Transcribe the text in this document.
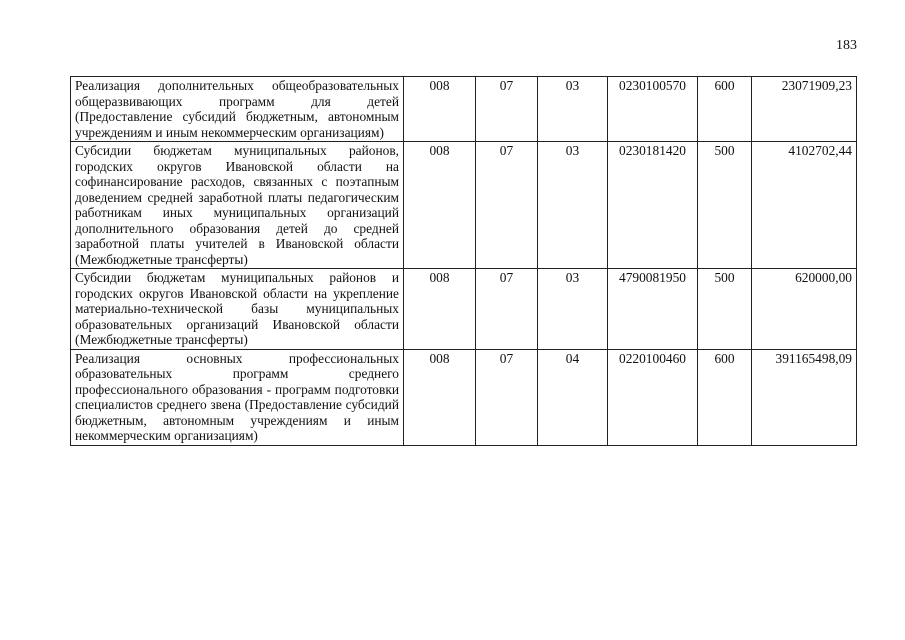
183
Реализация дополнительных общеобразовательных общеразвивающих программ для детей (Предоставление субсидий бюджетным, автономным учреждениям и иным некоммерческим организациям)	008	07	03	0230100570	600	23071909,23
Субсидии бюджетам муниципальных районов, городских округов Ивановской области на софинансирование расходов, связанных с поэтапным доведением средней заработной платы педагогическим работникам иных муниципальных организаций дополнительного образования детей до средней заработной платы учителей в Ивановской области (Межбюджетные трансферты)	008	07	03	0230181420	500	4102702,44
Субсидии бюджетам муниципальных районов и городских округов Ивановской области на укрепление материально-технической базы муниципальных образовательных организаций Ивановской области (Межбюджетные трансферты)	008	07	03	4790081950	500	620000,00
Реализация основных профессиональных образовательных программ среднего профессионального образования - программ подготовки специалистов среднего звена (Предоставление субсидий бюджетным, автономным учреждениям и иным некоммерческим организациям)	008	07	04	0220100460	600	391165498,09
